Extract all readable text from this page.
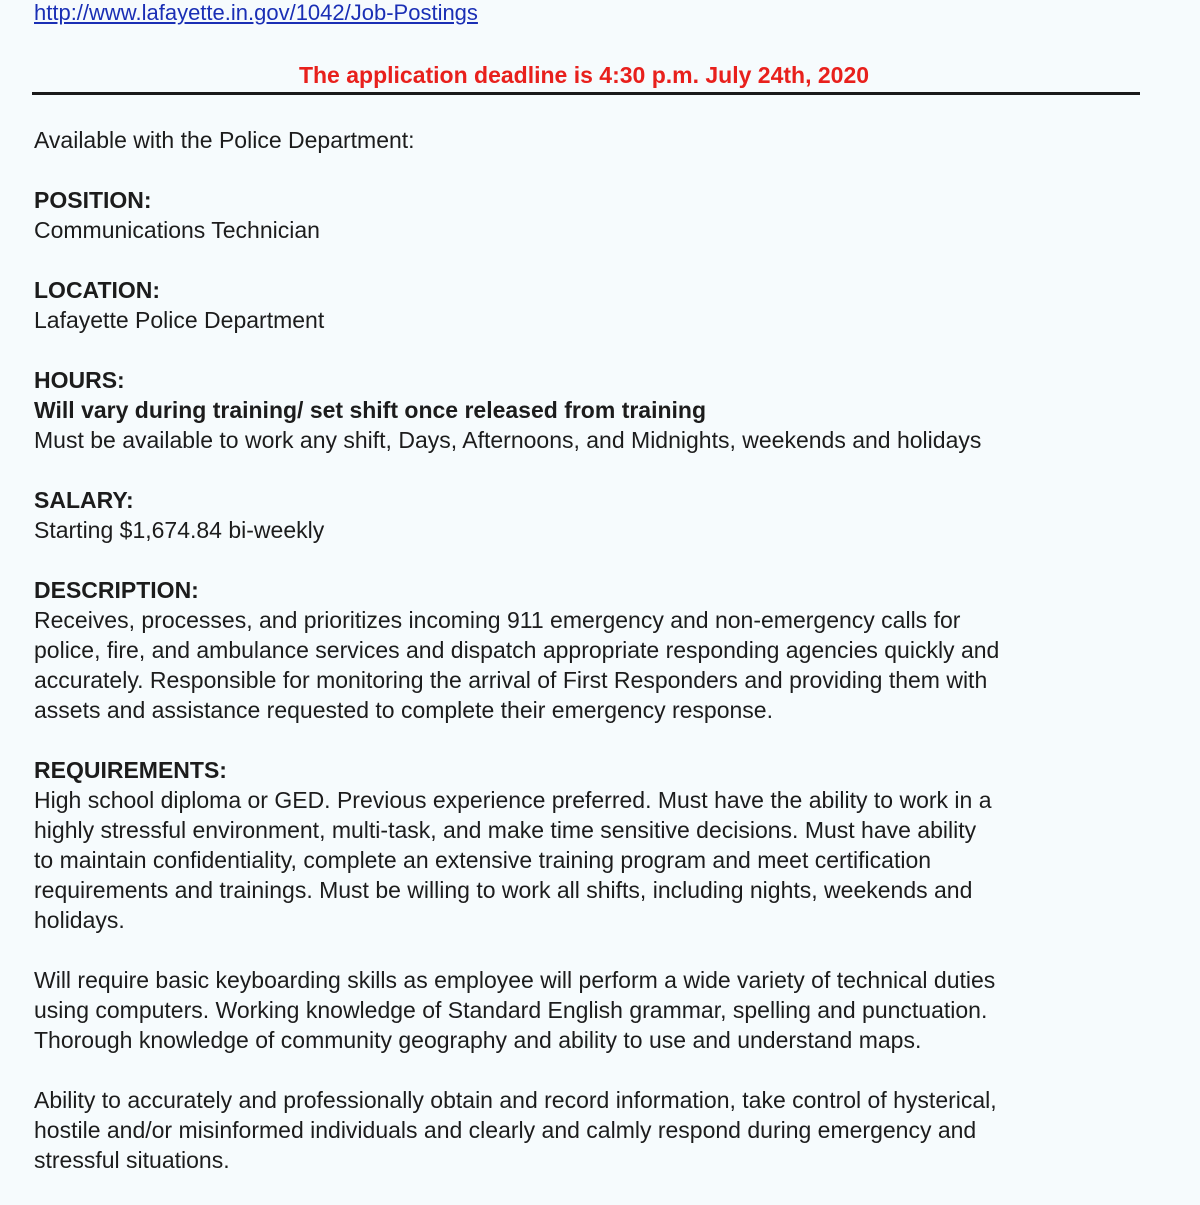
http://www.lafayette.in.gov/1042/Job-Postings
The application deadline is 4:30 p.m. July 24th, 2020

Available with the Police Department:

POSITION:

Communications Technician

LOCATION:

Lafayette Police Department

HOURS:

Will vary during training/ set shift once released from training

Must be available to work any shift, Days, Afternoons, and Midnights, weekends and holidays

SALARY:

Starting $1,674.84 bi-weekly

DESCRIPTION:

Receives, processes, and prioritizes incoming 911 emergency and non-emergency calls for

police, fire, and ambulance services and dispatch appropriate responding agencies quickly and

accurately. Responsible for monitoring the arrival of First Responders and providing them with

assets and assistance requested to complete their emergency response.

REQUIREMENTS:

High school diploma or GED. Previous experience preferred. Must have the ability to work in a

highly stressful environment, multi-task, and make time sensitive decisions. Must have ability

to maintain confidentiality, complete an extensive training program and meet certification

requirements and trainings. Must be willing to work all shifts, including nights, weekends and

holidays.

Will require basic keyboarding skills as employee will perform a wide variety of technical duties

using computers. Working knowledge of Standard English grammar, spelling and punctuation.

Thorough knowledge of community geography and ability to use and understand maps.

Ability to accurately and professionally obtain and record information, take control of hysterical,

hostile and/or misinformed individuals and clearly and calmly respond during emergency and

stressful situations.
